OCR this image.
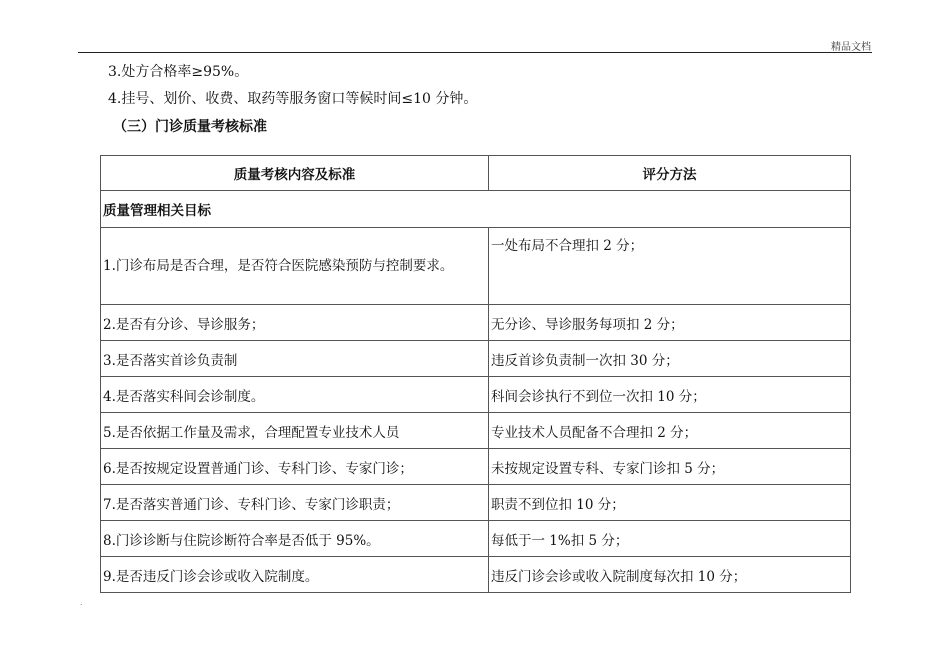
精品文档
3.处方合格率≥95%。
4.挂号、划价、收费、取药等服务窗口等候时间≤10 分钟。
（三）门诊质量考核标准
质量考核内容及标准	评分方法
质量管理相关目标	
1.门诊布局是否合理，是否符合医院感染预防与控制要求。	一处布局不合理扣 2 分；
2.是否有分诊、导诊服务；	无分诊、导诊服务每项扣 2 分；
3.是否落实首诊负责制	违反首诊负责制一次扣 30 分；
4.是否落实科间会诊制度。	科间会诊执行不到位一次扣 10 分；
5.是否依据工作量及需求，合理配置专业技术人员	专业技术人员配备不合理扣 2 分；
6.是否按规定设置普通门诊、专科门诊、专家门诊；	未按规定设置专科、专家门诊扣 5 分；
7.是否落实普通门诊、专科门诊、专家门诊职责；	职责不到位扣 10 分；
8.门诊诊断与住院诊断符合率是否低于 95%。	每低于一 1%扣 5 分；
9.是否违反门诊会诊或收入院制度。	违反门诊会诊或收入院制度每次扣 10 分；
.
